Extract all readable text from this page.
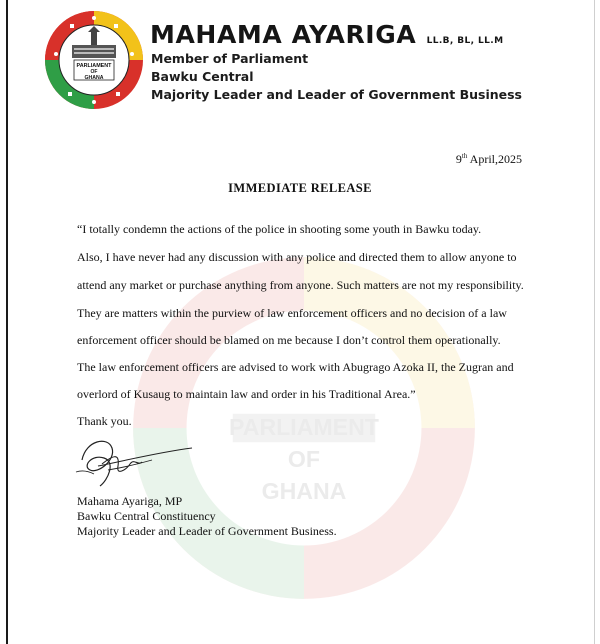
PARLIAMENT
OF
GHANA
PARLIAMENT
OF
GHANA
MAHAMA AYARIGA LL.B, BL, LL.M
Member of Parliament
Bawku Central
Majority Leader and Leader of Government Business
9th April,2025
IMMEDIATE RELEASE
“I totally condemn the actions of the police in shooting some youth in Bawku today.
Also, I have never had any discussion with any police and directed them to allow anyone to
attend any market or purchase anything from anyone. Such matters are not my responsibility.
They are matters within the purview of law enforcement officers and no decision of a law
enforcement officer should be blamed on me because I don’t control them operationally.
The law enforcement officers are advised to work with Abugrago Azoka II, the Zugran and
overlord of Kusaug to maintain law and order in his Traditional Area.”
Thank you.
Mahama Ayariga, MP
Bawku Central Constituency
Majority Leader and Leader of Government Business.
